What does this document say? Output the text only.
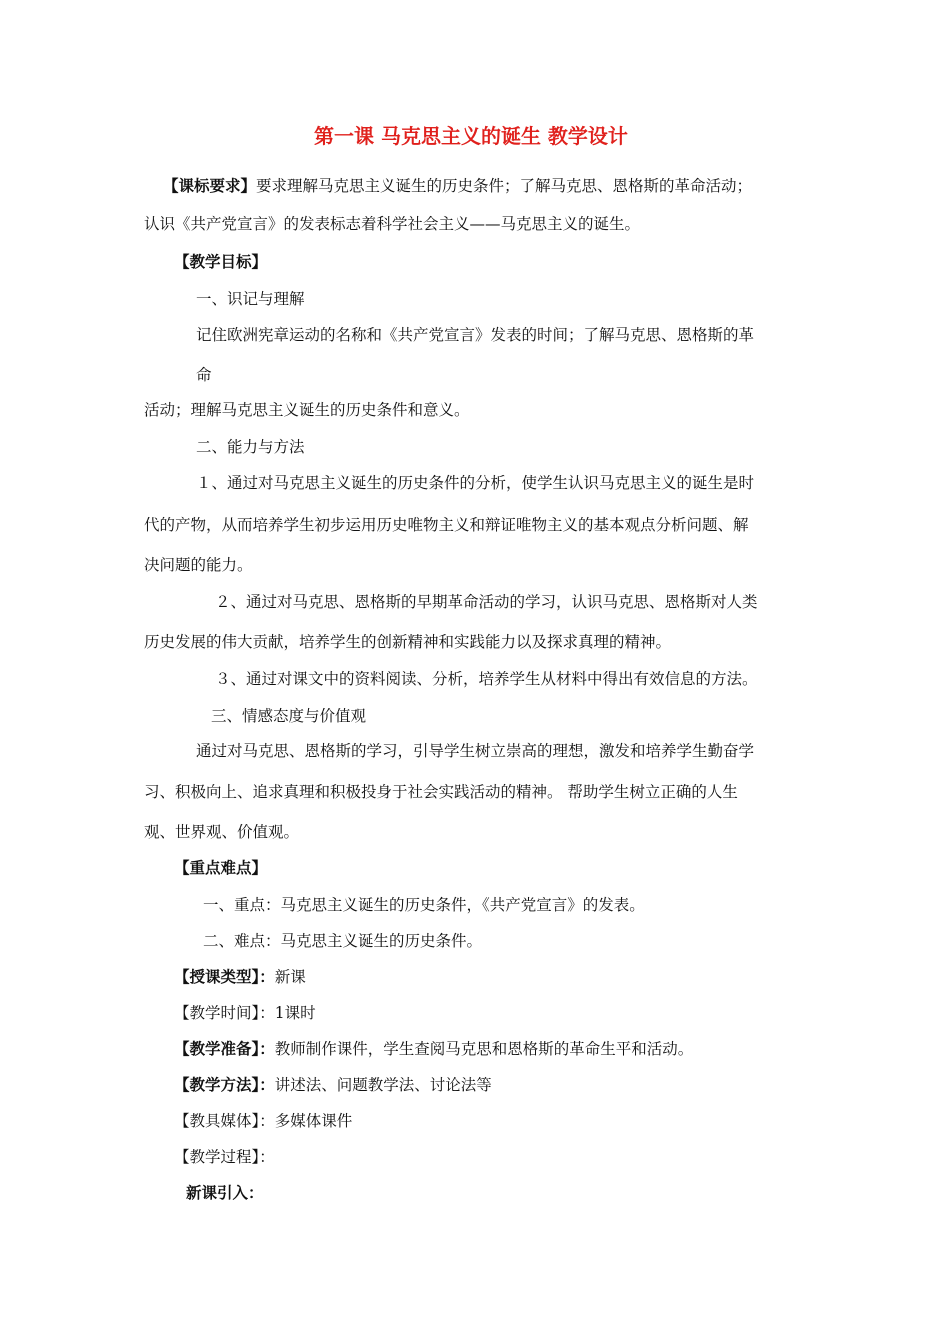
第一课 马克思主义的诞生 教学设计
【课标要求】要求理解马克思主义诞生的历史条件；了解马克思、恩格斯的革命活动；
认识《共产党宣言》的发表标志着科学社会主义——马克思主义的诞生。
【教学目标】
一、识记与理解
记住欧洲宪章运动的名称和《共产党宣言》发表的时间；了解马克思、恩格斯的革
命
活动；理解马克思主义诞生的历史条件和意义。
二、能力与方法
１、通过对马克思主义诞生的历史条件的分析，使学生认识马克思主义的诞生是时
代的产物，从而培养学生初步运用历史唯物主义和辩证唯物主义的基本观点分析问题、解
决问题的能力。
２、通过对马克思、恩格斯的早期革命活动的学习，认识马克思、恩格斯对人类
历史发展的伟大贡献，培养学生的创新精神和实践能力以及探求真理的精神。
３、通过对课文中的资料阅读、分析，培养学生从材料中得出有效信息的方法。
三、情感态度与价值观
通过对马克思、恩格斯的学习，引导学生树立崇高的理想，激发和培养学生勤奋学
习、积极向上、追求真理和积极投身于社会实践活动的精神。 帮助学生树立正确的人生
观、世界观、价值观。
【重点难点】
一、重点：马克思主义诞生的历史条件，《共产党宣言》的发表。
二、难点：马克思主义诞生的历史条件。
【授课类型】：新课
【教学时间】：1课时
【教学准备】：教师制作课件，学生查阅马克思和恩格斯的革命生平和活动。
【教学方法】：讲述法、问题教学法、讨论法等
【教具媒体】：多媒体课件
【教学过程】：
新课引入：
